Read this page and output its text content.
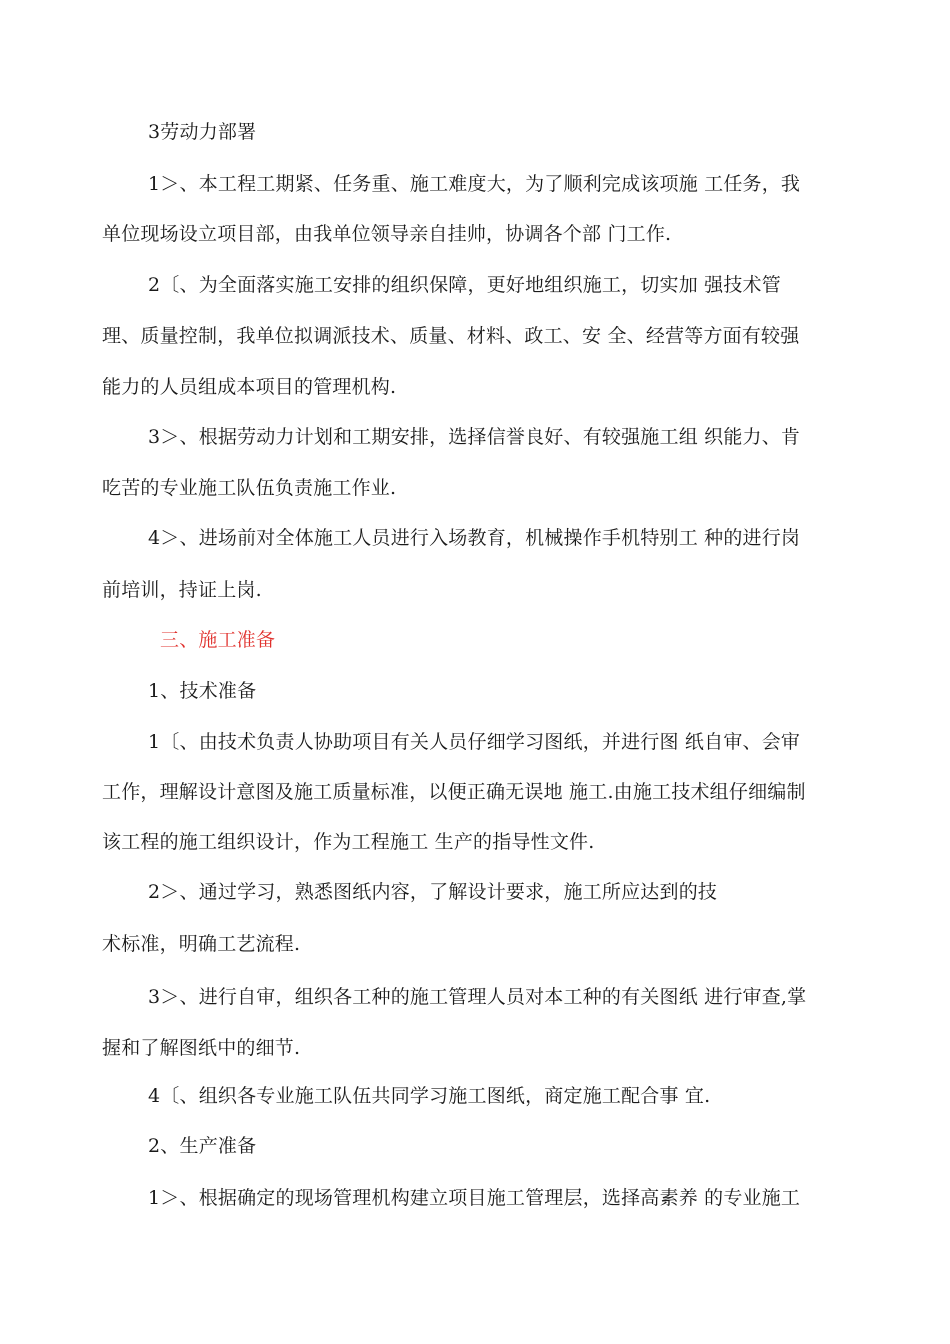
3劳动力部署
1＞、本工程工期紧、任务重、施工难度大，为了顺利完成该项施 工任务，我
单位现场设立项目部，由我单位领导亲自挂帅，协调各个部 门工作.
2〔、为全面落实施工安排的组织保障，更好地组织施工，切实加 强技术管
理、质量控制，我单位拟调派技术、质量、材料、政工、安 全、经营等方面有较强
能力的人员组成本项目的管理机构.
3＞、根据劳动力计划和工期安排，选择信誉良好、有较强施工组 织能力、肯
吃苦的专业施工队伍负责施工作业.
4＞、进场前对全体施工人员进行入场教育，机械操作手机特别工 种的进行岗
前培训，持证上岗.
三、施工准备
1、技术准备
1〔、由技术负责人协助项目有关人员仔细学习图纸，并进行图 纸自审、会审
工作，理解设计意图及施工质量标准，以便正确无误地 施工.由施工技术组仔细编制
该工程的施工组织设计，作为工程施工 生产的指导性文件.
2＞、通过学习，熟悉图纸内容，了解设计要求，施工所应达到的技
术标准，明确工艺流程.
3＞、进行自审，组织各工种的施工管理人员对本工种的有关图纸 进行审查,掌
握和了解图纸中的细节.
4〔、组织各专业施工队伍共同学习施工图纸，商定施工配合事 宜.
2、生产准备
1＞、根据确定的现场管理机构建立项目施工管理层，选择高素养 的专业施工
